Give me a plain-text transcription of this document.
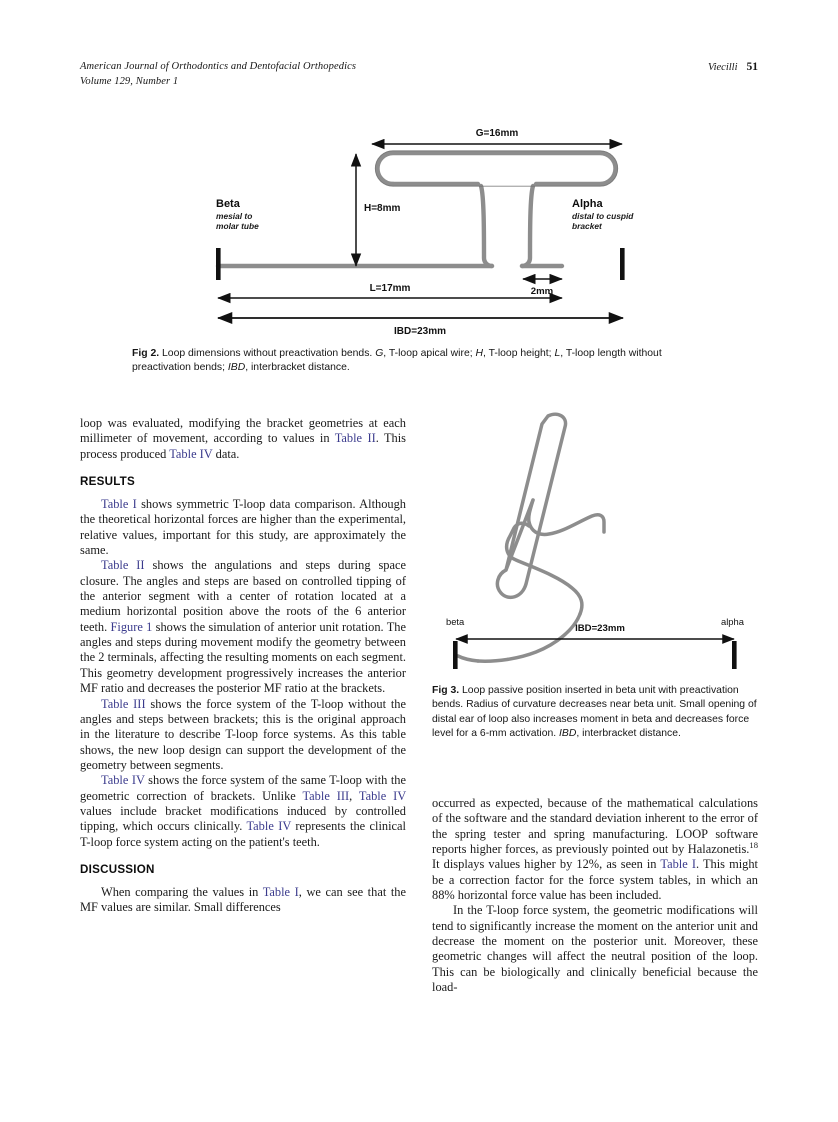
American Journal of Orthodontics and Dentofacial Orthopedics
Volume 129, Number 1
Viecilli 51
G=16mm
H=8mm
Beta
mesial to
molar tube
Alpha
distal to cuspid
bracket
2mm
L=17mm
IBD=23mm
Fig 2. Loop dimensions without preactivation bends. G, T-loop apical wire; H, T-loop height; L, T-loop length without preactivation bends; IBD, interbracket distance.

loop was evaluated, modifying the bracket geometries at each millimeter of movement, according to values in Table II. This process produced Table IV data.

RESULTS

Table I shows symmetric T-loop data comparison. Although the theoretical horizontal forces are higher than the experimental, relative values, important for this study, are approximately the same.

Table II shows the angulations and steps during space closure. The angles and steps are based on controlled tipping of the anterior segment with a center of rotation located at a medium horizontal position above the roots of the 6 anterior teeth. Figure 1 shows the simulation of anterior unit rotation. The angles and steps during movement modify the geometry between the 2 terminals, affecting the resulting moments on each segment. This geometry development progressively increases the anterior MF ratio and decreases the posterior MF ratio at the brackets.

Table III shows the force system of the T-loop without the angles and steps between brackets; this is the original approach in the literature to describe T-loop force systems. As this table shows, the new loop design can support the development of the geometry between segments.

Table IV shows the force system of the same T-loop with the geometric correction of brackets. Unlike Table III, Table IV values include bracket modifications induced by controlled tipping, which occurs clinically. Table IV represents the clinical T-loop force system acting on the patient's teeth.

DISCUSSION

When comparing the values in Table I, we can see that the MF values are similar. Small differences

beta	alpha
IBD=23mm
Fig 3. Loop passive position inserted in beta unit with preactivation bends. Radius of curvature decreases near beta unit. Small opening of distal ear of loop also increases moment in beta and decreases force level for a 6-mm activation. IBD, interbracket distance.

occurred as expected, because of the mathematical calculations of the software and the standard deviation inherent to the error of the spring tester and spring manufacturing. LOOP software reports higher forces, as previously pointed out by Halazonetis.$^{18}$ It displays values higher by 12%, as seen in Table I. This might be a correction factor for the force system tables, in which an 88% horizontal force value has been included.

In the T-loop force system, the geometric modifications will tend to significantly increase the moment on the anterior unit and decrease the moment on the posterior unit. Moreover, these geometric changes will affect the neutral position of the loop. This can be biologically and clinically beneficial because the load-
